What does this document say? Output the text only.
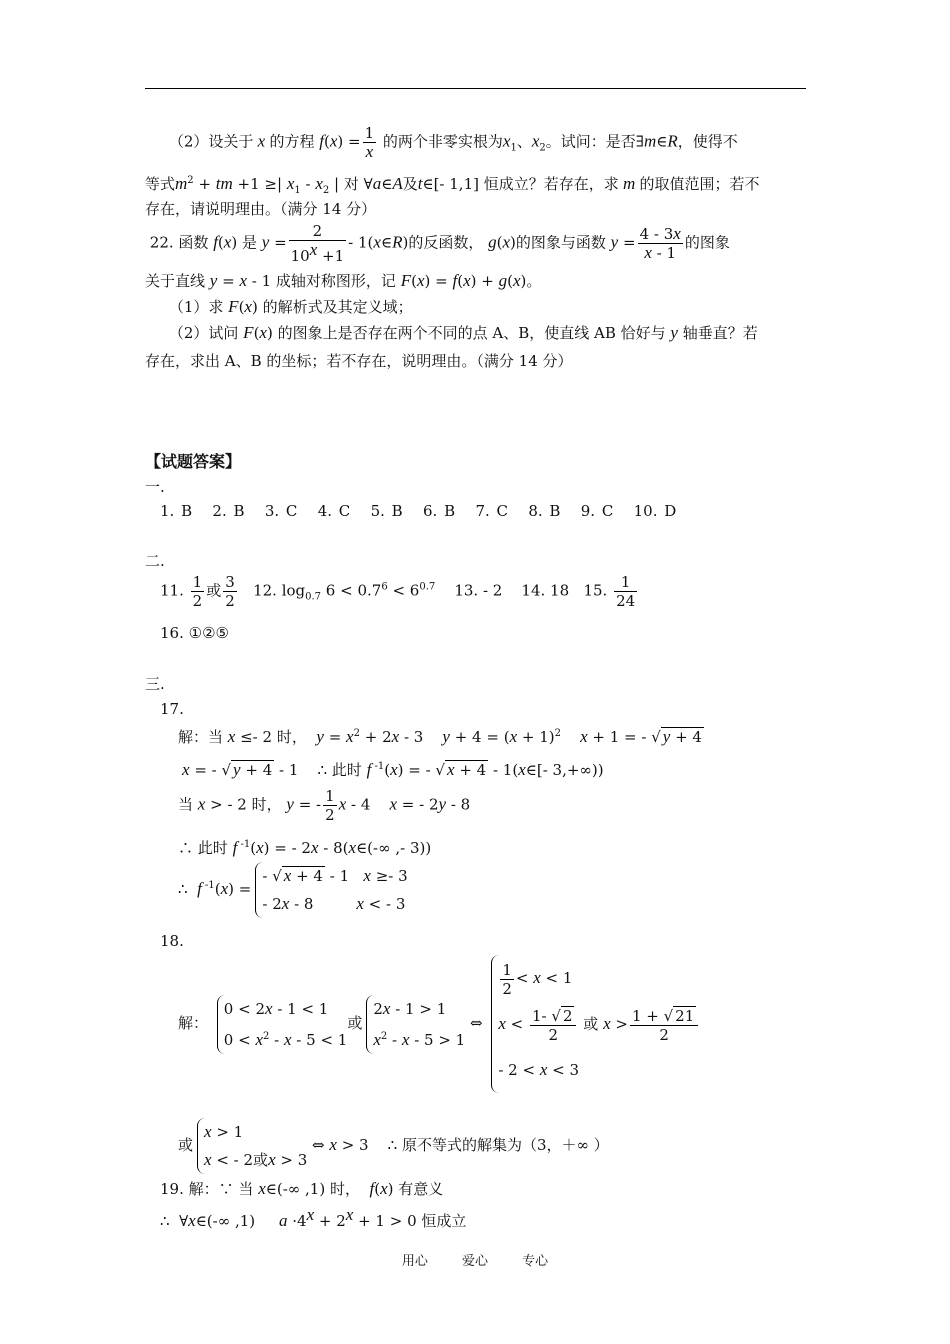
（2）设关于 x 的方程 $f(x) = \frac{1}{x}$ 的两个非零实根为$x_1$、$x_2$。试问：是否∃m∈R，使得不
等式$m^2$ + tm +1 ≥| $x_1 - x_2$ | 对 ∀a∈A及t∈[- 1,1] 恒成立？若存在，求 m 的取值范围；若不
存在，请说明理由。（满分 14 分）
22. 函数 f(x) 是 $y = \frac{2}{10^x +1}$ - 1(x∈R)的反函数， g(x)的图象与函数 $y = \frac{4 - 3x}{x - 1}$ 的图象
关于直线 y = x - 1 成轴对称图形，记 F(x) = f(x) + g(x)。
（1）求 F(x) 的解析式及其定义域；
（2）试问 F(x) 的图象上是否存在两个不同的点 A、B，使直线 AB 恰好与 y 轴垂直？若
存在，求出 A、B 的坐标；若不存在，说明理由。（满分 14 分）
【试题答案】
一.
1. B 2. B 3. C 4. C 5. B 6. B 7. C 8. B 9. C 10. D
二.
11. $\frac{1}{2}$ 或 $\frac{3}{2} 12$. $\log_{0.7} 6 < 0.7^6 < 6^{0.7}$ 13. - 2    14. 18 15. $\frac{1}{24}$
16. ①②⑤
三.
17.
解：当 x ≤- 2 时， $y = x^2 + 2x - 3$    $y + 4 = (x + 1)^2$ x + 1 = - √ y + 4
x = - √ y + 4 - 1    ∴ 此时 f $^{-1}$(x) = - √ x + 4 - 1(x∈[- 3,+∞))
当 x > - 2 时， y = - $\frac{1}{2}$ x - 4    x = - 2y - 8
∴ 此时 f $^{-1}$(x) = - 2x - 8(x∈(-∞ ,- 3))
∴ f $^{-1}$(x) =
- √ x + 4 - 1   x ≥- 3
- 2x - 8         x < - 3
18.
解：
0 < 2x - 1 < 1
$0 < x^2 - x - 5 < 1$
或
2x - 1 > 1
$x^2 - x - 5 > 1$
⇔
$\frac{1}{2} < x < 1$
$x < \frac{1- √ 2}{2}$ 或 $x > \frac{1 + √ 21}{2}$
- 2 < x < 3
或
x > 1
x < - 2或x > 3
⇔ x > 3    ∴ 原不等式的解集为（3，＋∞ ）
19. 解：∵ 当 x∈(-∞ ,1) 时， f(x) 有意义
∴  ∀x∈(-∞ ,1)     $a \cdot 4^x + 2^x + 1 > 0$ 恒成立
用心 爱心 专心
